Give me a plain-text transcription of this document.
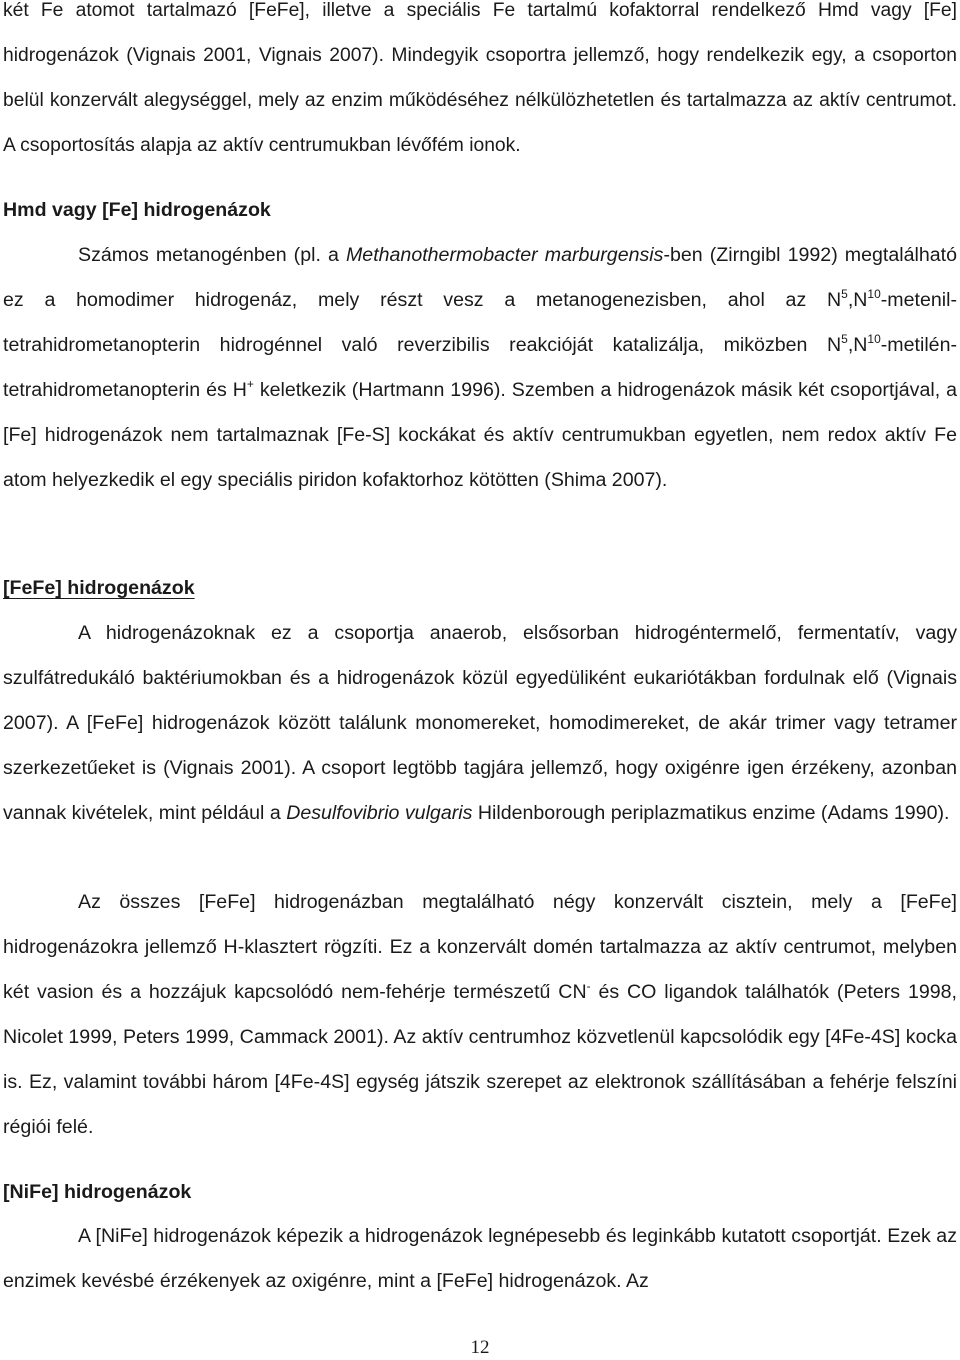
két Fe atomot tartalmazó [FeFe], illetve a speciális Fe tartalmú kofaktorral rendelkező Hmd vagy [Fe] hidrogenázok (Vignais 2001, Vignais 2007). Mindegyik csoportra jellemző, hogy rendelkezik egy, a csoporton belül konzervált alegységgel, mely az enzim működéséhez nélkülözhetetlen és tartalmazza az aktív centrumot. A csoportosítás alapja az aktív centrumukban lévőfém ionok.

Hmd vagy [Fe] hidrogenázok

Számos metanogénben (pl. a Methanothermobacter marburgensis-ben (Zirngibl 1992) megtalálható ez a homodimer hidrogenáz, mely részt vesz a metanogenezisben, ahol az $N^5,N^{10}-metenil$-tetrahidrometanopterin hidrogénnel való reverzibilis reakcióját katalizálja, miközben $N^5,N^{10}-metilén$-tetrahidrometanopterin és H+ keletkezik (Hartmann 1996). Szemben a hidrogenázok másik két csoportjával, a [Fe] hidrogenázok nem tartalmaznak [Fe-S] kockákat és aktív centrumukban egyetlen, nem redox aktív Fe atom helyezkedik el egy speciális piridon kofaktorhoz kötötten (Shima 2007).

[FeFe] hidrogenázok

A hidrogenázoknak ez a csoportja anaerob, elsősorban hidrogéntermelő, fermentatív, vagy szulfátredukáló baktériumokban és a hidrogenázok közül egyedüliként eukariótákban fordulnak elő (Vignais 2007). A [FeFe] hidrogenázok között találunk monomereket, homodimereket, de akár trimer vagy tetramer szerkezetűeket is (Vignais 2001). A csoport legtöbb tagjára jellemző, hogy oxigénre igen érzékeny, azonban vannak kivételek, mint például a Desulfovibrio vulgaris Hildenborough periplazmatikus enzime (Adams 1990).

Az összes [FeFe] hidrogenázban megtalálható négy konzervált cisztein, mely a [FeFe] hidrogenázokra jellemző H-klasztert rögzíti. Ez a konzervált domén tartalmazza az aktív centrumot, melyben két vasion és a hozzájuk kapcsolódó nem-fehérje természetű CN- és CO ligandok találhatók (Peters 1998, Nicolet 1999, Peters 1999, Cammack 2001). Az aktív centrumhoz közvetlenül kapcsolódik egy [4Fe-4S] kocka is. Ez, valamint további három [4Fe-4S] egység játszik szerepet az elektronok szállításában a fehérje felszíni régiói felé.

[NiFe] hidrogenázok

A [NiFe] hidrogenázok képezik a hidrogenázok legnépesebb és leginkább kutatott csoportját. Ezek az enzimek kevésbé érzékenyek az oxigénre, mint a [FeFe] hidrogenázok. Az

12
